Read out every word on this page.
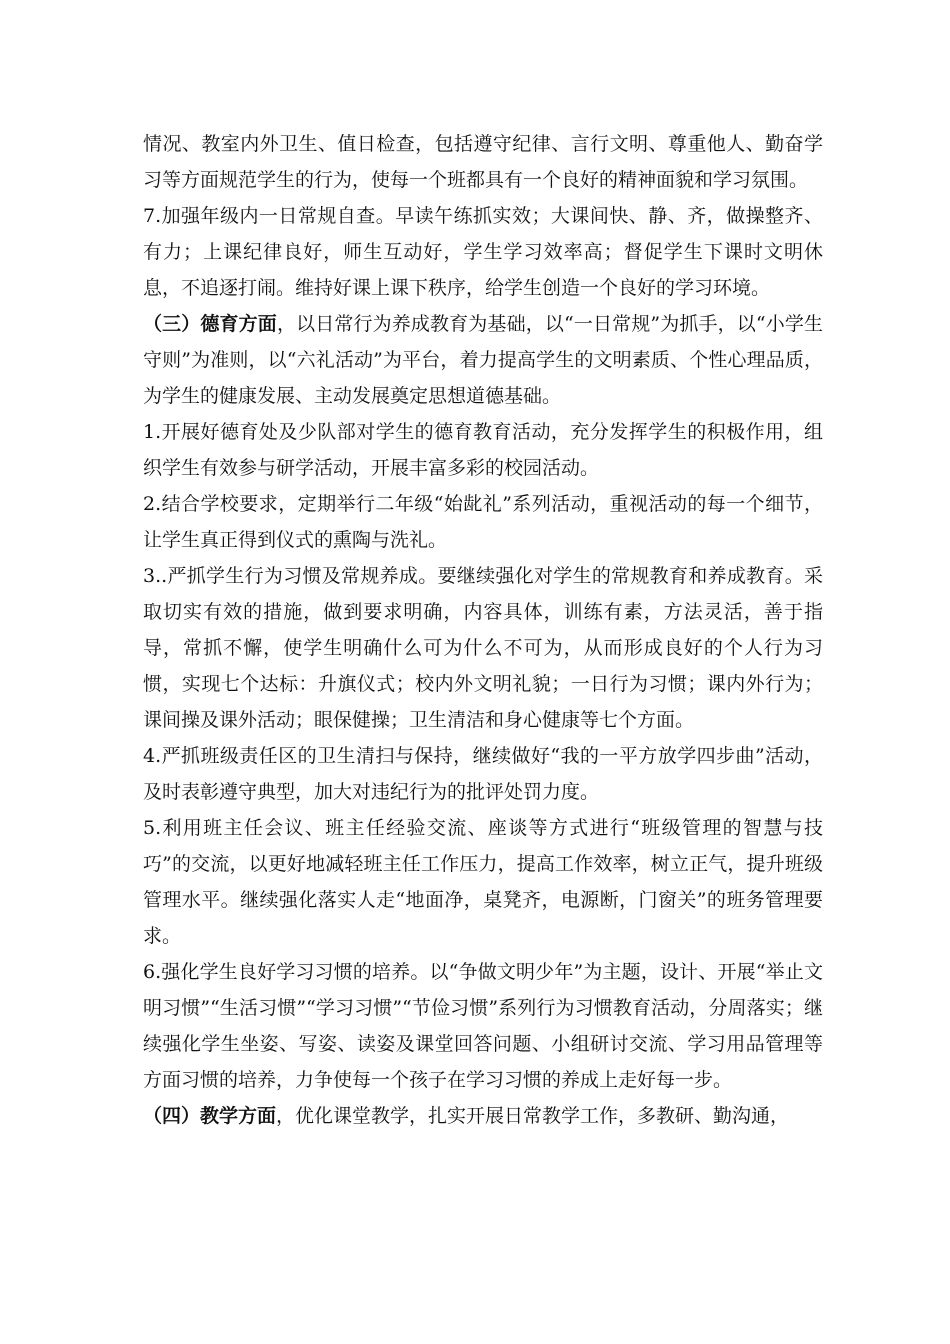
情况、教室内外卫生、值日检查，包括遵守纪律、言行文明、尊重他人、勤奋学习等方面规范学生的行为，使每一个班都具有一个良好的精神面貌和学习氛围。

7.加强年级内一日常规自查。早读午练抓实效；大课间快、静、齐，做操整齐、有力；上课纪律良好，师生互动好，学生学习效率高；督促学生下课时文明休息，不追逐打闹。维持好课上课下秩序，给学生创造一个良好的学习环境。

（三）德育方面，以日常行为养成教育为基础，以“一日常规”为抓手，以“小学生守则”为准则，以“六礼活动”为平台，着力提高学生的文明素质、个性心理品质，为学生的健康发展、主动发展奠定思想道德基础。

1.开展好德育处及少队部对学生的德育教育活动，充分发挥学生的积极作用，组织学生有效参与研学活动，开展丰富多彩的校园活动。

2.结合学校要求，定期举行二年级“始龀礼”系列活动，重视活动的每一个细节，让学生真正得到仪式的熏陶与洗礼。

3..严抓学生行为习惯及常规养成。要继续强化对学生的常规教育和养成教育。采取切实有效的措施，做到要求明确，内容具体，训练有素，方法灵活，善于指导，常抓不懈，使学生明确什么可为什么不可为，从而形成良好的个人行为习惯，实现七个达标：升旗仪式；校内外文明礼貌；一日行为习惯；课内外行为；课间操及课外活动；眼保健操；卫生清洁和身心健康等七个方面。

4.严抓班级责任区的卫生清扫与保持，继续做好“我的一平方放学四步曲”活动，及时表彰遵守典型，加大对违纪行为的批评处罚力度。

5.利用班主任会议、班主任经验交流、座谈等方式进行“班级管理的智慧与技巧”的交流，以更好地减轻班主任工作压力，提高工作效率，树立正气，提升班级管理水平。继续强化落实人走“地面净，桌凳齐，电源断，门窗关”的班务管理要求。

6.强化学生良好学习习惯的培养。以“争做文明少年”为主题，设计、开展“举止文明习惯”“生活习惯”“学习习惯”“节俭习惯”系列行为习惯教育活动，分周落实；继续强化学生坐姿、写姿、读姿及课堂回答问题、小组研讨交流、学习用品管理等方面习惯的培养，力争使每一个孩子在学习习惯的养成上走好每一步。

（四）教学方面，优化课堂教学，扎实开展日常教学工作，多教研、勤沟通，
